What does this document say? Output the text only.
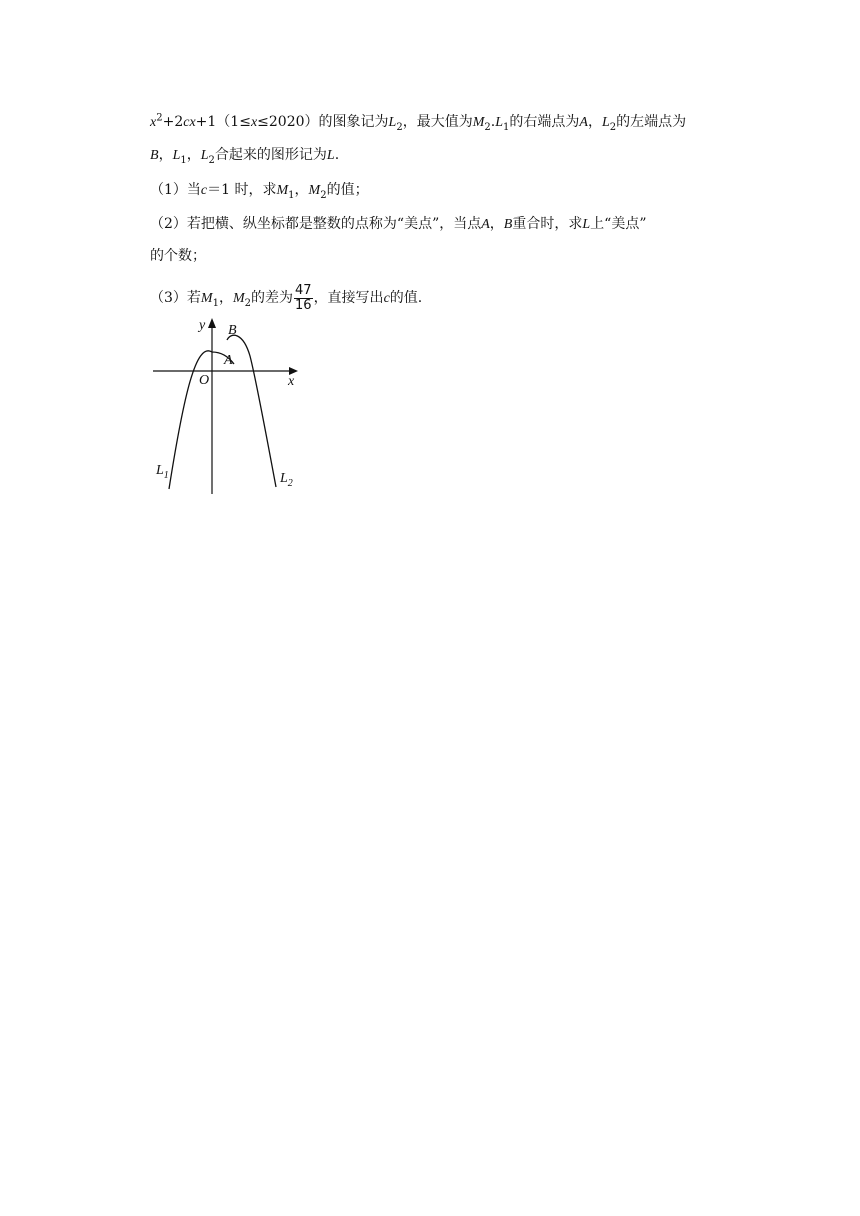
$x^2+2cx+1(1\le x\le 2020)$的图象记为$L_2$，最大值为$M_2.L_1$的右端点为A，$L_2$的左端点为
B，$L_1$，$L_2$合起来的图形记为L.
（1）当c＝1 时，求$M_1$，$M_2$的值；
（2）若把横、纵坐标都是整数的点称为“美点”，当点A，B重合时，求L上“美点”
的个数；
（3）若$M_1$，$M_2$的差为 $\frac{47}{16}$ ，直接写出c的值.
y
x
O
A
B
$L_1$	$L_2$
